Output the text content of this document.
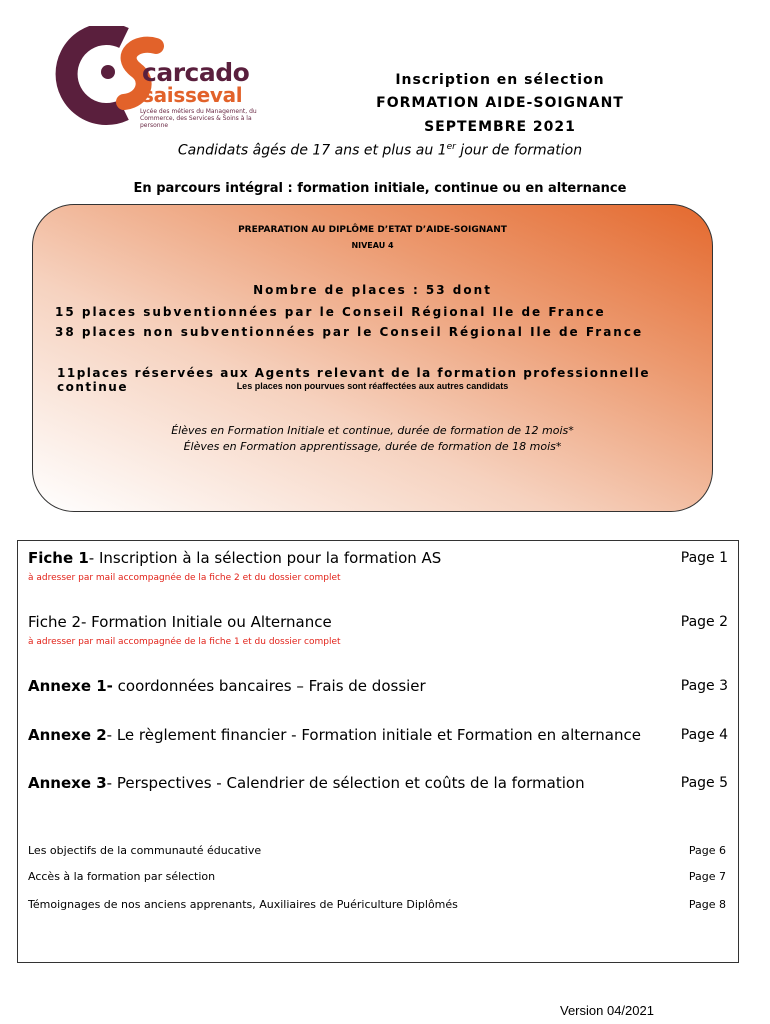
carcado
saisseval
Lycée des métiers du Management, du Commerce, des Services & Soins à la personne
Inscription en sélection
FORMATION AIDE-SOIGNANT
SEPTEMBRE 2021
Candidats âgés de 17 ans et plus au 1er jour de formation
En parcours intégral : formation initiale, continue ou en alternance
PREPARATION AU DIPLÔME D’ETAT D’AIDE-SOIGNANT
NIVEAU 4
Nombre de places : 53 dont
15 places subventionnées par le Conseil Régional Ile de France
38 places non subventionnées par le Conseil Régional Ile de France
11places réservées aux Agents relevant de la formation professionnelle continue	Les places non pourvues sont réaffectées aux autres candidats
Élèves en Formation Initiale et continue, durée de formation de 12 mois*
Élèves en Formation apprentissage, durée de formation de 18 mois*
Fiche 1- Inscription à la sélection pour la formation AS	Page 1
à adresser par mail accompagnée de la fiche 2 et du dossier complet
Fiche 2- Formation Initiale ou Alternance	Page 2
à adresser par mail accompagnée de la fiche 1 et du dossier complet
Annexe 1- coordonnées bancaires – Frais de dossier	Page 3
Annexe 2- Le règlement financier - Formation initiale et Formation en alternance	Page 4
Annexe 3- Perspectives - Calendrier de sélection et coûts de la formation	Page 5
Les objectifs de la communauté éducative	Page 6
Accès à la formation par sélection	Page 7
Témoignages de nos anciens apprenants, Auxiliaires de Puériculture Diplômés	Page 8
Version 04/2021
